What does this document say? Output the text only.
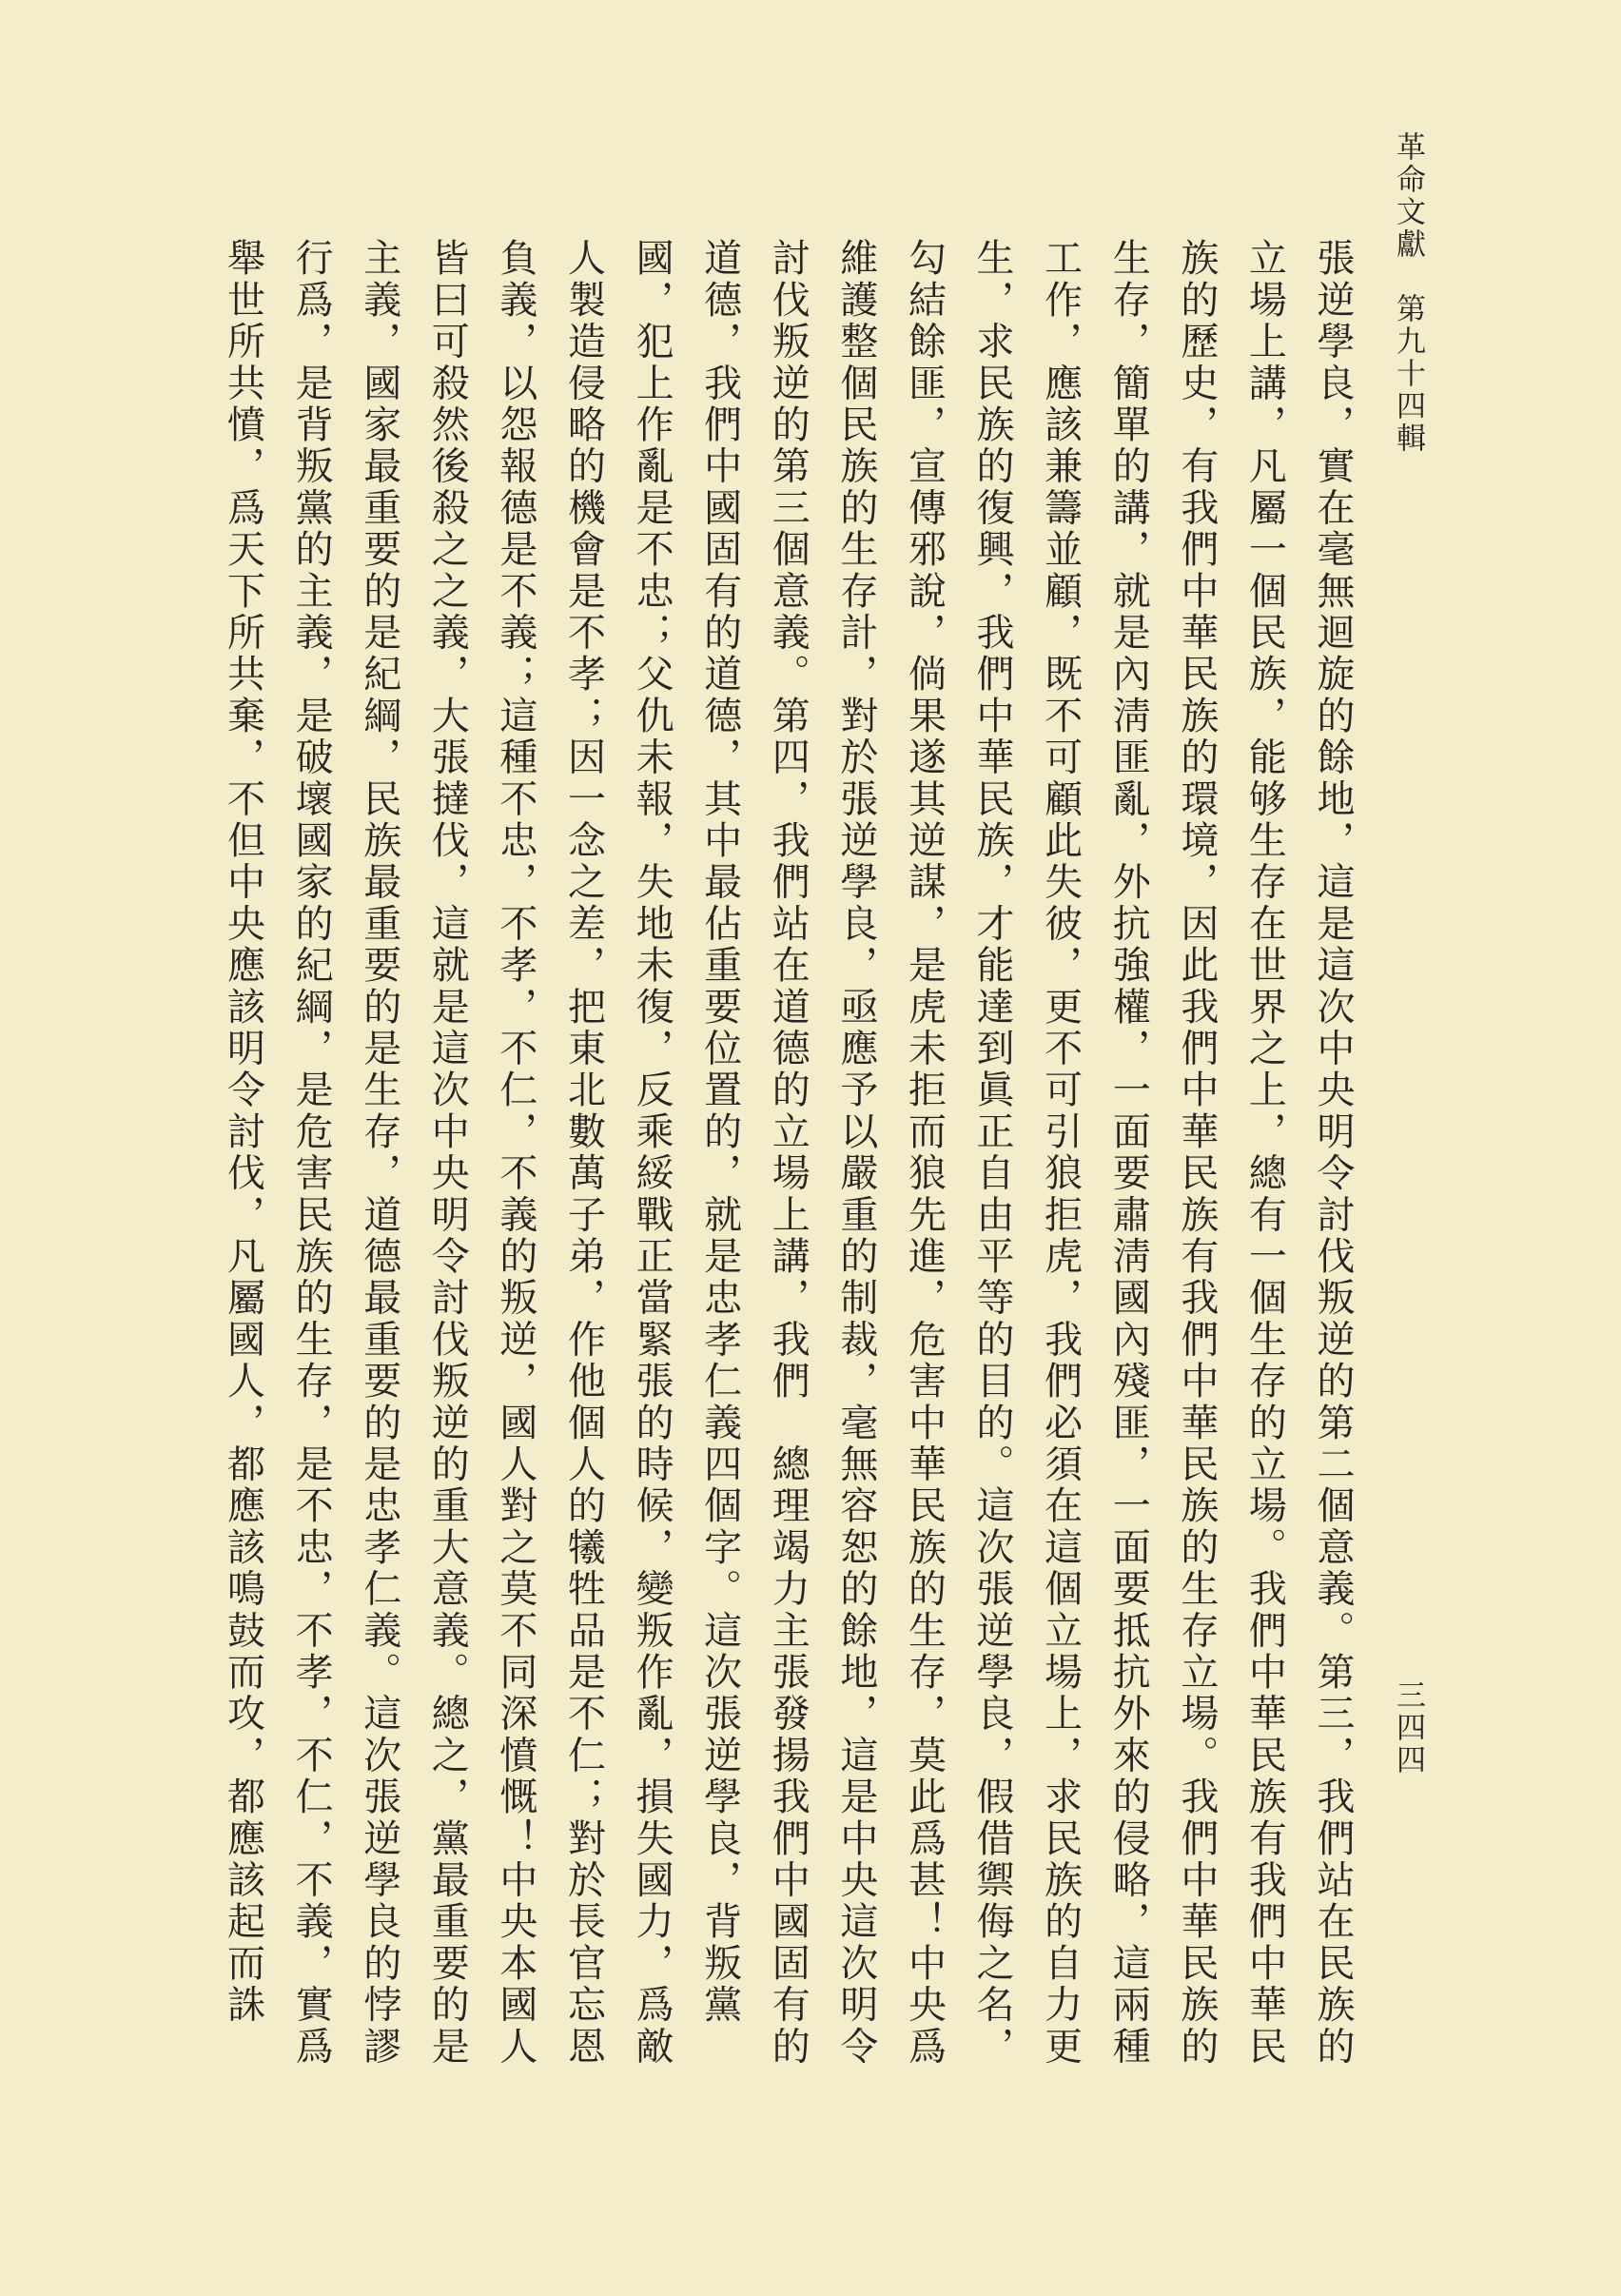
革命文獻　第九十四輯
三四四
張逆學良，實在毫無迴旋的餘地，這是這次中央明令討伐叛逆的第二個意義。第三，我們站在民族的
立場上講，凡屬一個民族，能够生存在世界之上，總有一個生存的立場。我們中華民族有我們中華民
族的歷史，有我們中華民族的環境，因此我們中華民族有我們中華民族的生存立場。我們中華民族的
生存，簡單的講，就是內淸匪亂，外抗強權，一面要肅淸國內殘匪，一面要抵抗外來的侵略，這兩種
工作，應該兼籌並顧，既不可顧此失彼，更不可引狼拒虎，我們必須在這個立場上，求民族的自力更
生，求民族的復興，我們中華民族，才能達到眞正自由平等的目的。這次張逆學良，假借禦侮之名，
勾結餘匪，宣傳邪說，倘果遂其逆謀，是虎未拒而狼先進，危害中華民族的生存，莫此爲甚！中央爲
維護整個民族的生存計，對於張逆學良，亟應予以嚴重的制裁，毫無容恕的餘地，這是中央這次明令
討伐叛逆的第三個意義。第四，我們站在道德的立場上講，我們　總理竭力主張發揚我們中國固有的
道德，我們中國固有的道德，其中最佔重要位置的，就是忠孝仁義四個字。這次張逆學良，背叛黨
國，犯上作亂是不忠；父仇未報，失地未復，反乘綏戰正當緊張的時候，變叛作亂，損失國力，爲敵
人製造侵略的機會是不孝；因一念之差，把東北數萬子弟，作他個人的犧牲品是不仁；對於長官忘恩
負義，以怨報德是不義；這種不忠，不孝，不仁，不義的叛逆，國人對之莫不同深憤慨！中央本國人
皆曰可殺然後殺之之義，大張撻伐，這就是這次中央明令討伐叛逆的重大意義。總之，黨最重要的是
主義，國家最重要的是紀綱，民族最重要的是生存，道德最重要的是忠孝仁義。這次張逆學良的悖謬
行爲，是背叛黨的主義，是破壞國家的紀綱，是危害民族的生存，是不忠，不孝，不仁，不義，實爲
舉世所共憤，爲天下所共棄，不但中央應該明令討伐，凡屬國人，都應該鳴鼓而攻，都應該起而誅
